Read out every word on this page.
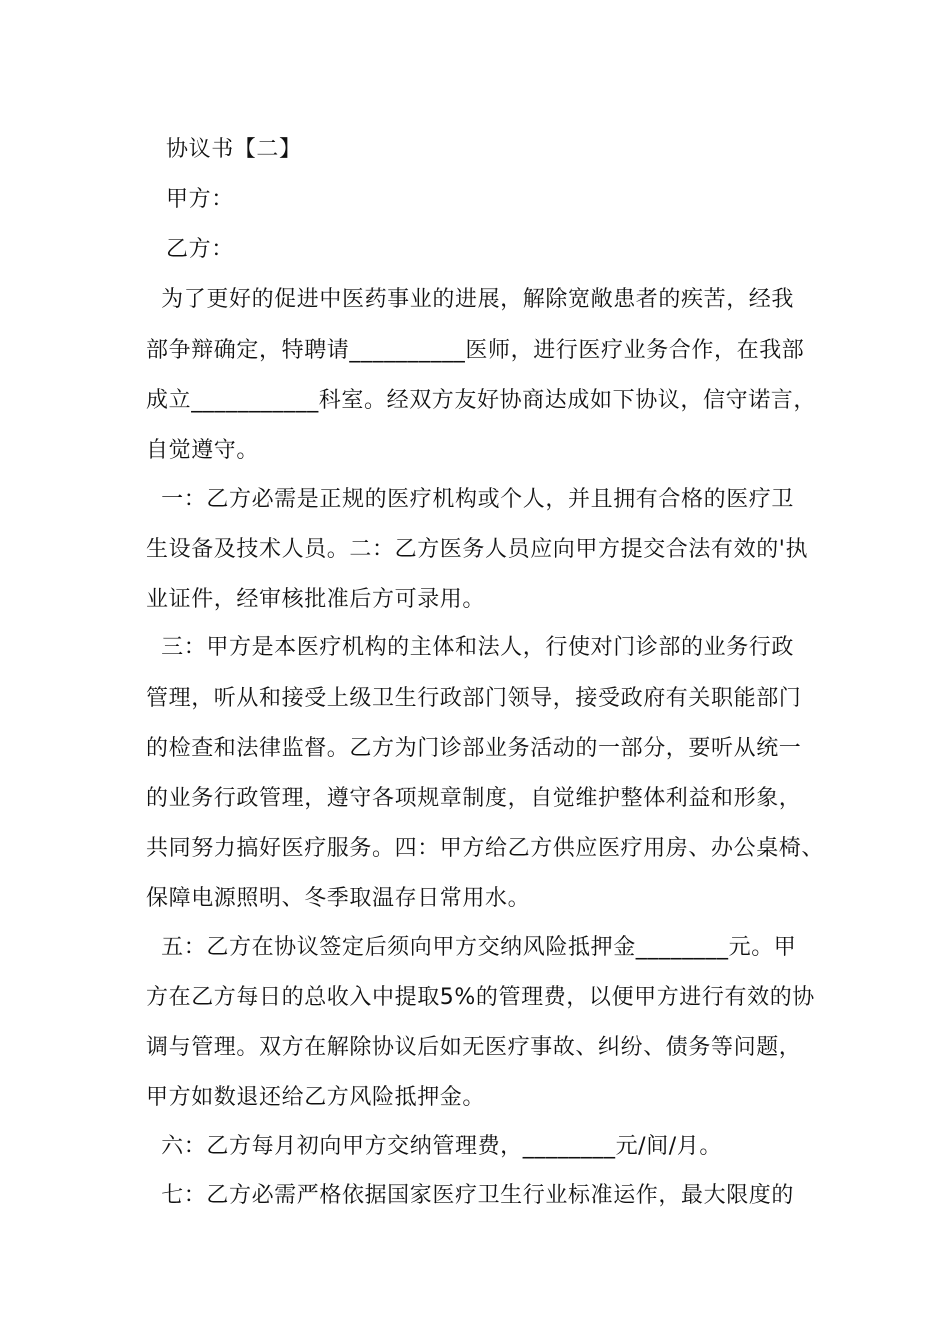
协议书【二】
甲方：
乙方：
为了更好的促进中医药事业的进展，解除宽敞患者的疾苦，经我
部争辩确定，特聘请__________医师，进行医疗业务合作，在我部
成立___________科室。经双方友好协商达成如下协议，信守诺言，
自觉遵守。
一：乙方必需是正规的医疗机构或个人，并且拥有合格的医疗卫
生设备及技术人员。二：乙方医务人员应向甲方提交合法有效的'执
业证件，经审核批准后方可录用。
三：甲方是本医疗机构的主体和法人，行使对门诊部的业务行政
管理，听从和接受上级卫生行政部门领导，接受政府有关职能部门
的检查和法律监督。乙方为门诊部业务活动的一部分，要听从统一
的业务行政管理，遵守各项规章制度，自觉维护整体利益和形象，
共同努力搞好医疗服务。四：甲方给乙方供应医疗用房、办公桌椅、
保障电源照明、冬季取温存日常用水。
五：乙方在协议签定后须向甲方交纳风险抵押金________元。甲
方在乙方每日的总收入中提取5%的管理费，以便甲方进行有效的协
调与管理。双方在解除协议后如无医疗事故、纠纷、债务等问题，
甲方如数退还给乙方风险抵押金。
六：乙方每月初向甲方交纳管理费，________元/间/月。
七：乙方必需严格依据国家医疗卫生行业标准运作，最大限度的
